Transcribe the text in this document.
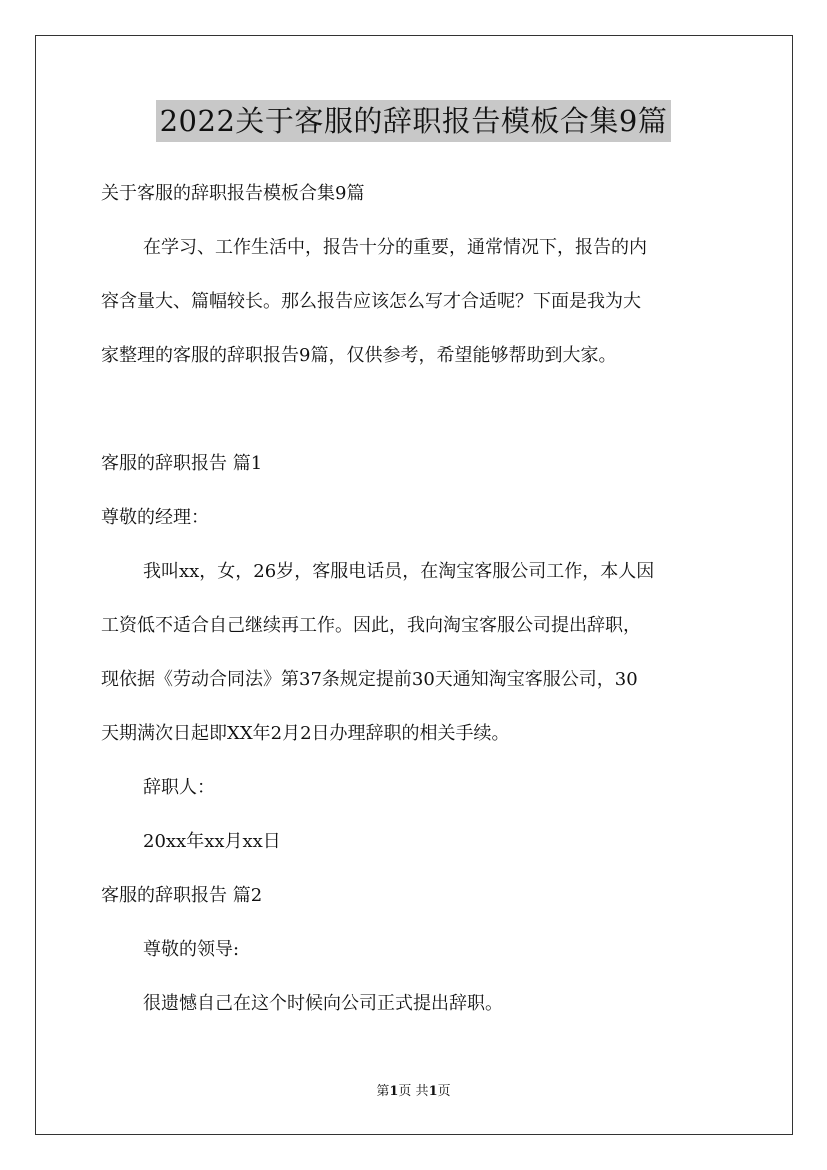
2022关于客服的辞职报告模板合集9篇

关于客服的辞职报告模板合集9篇

在学习、工作生活中，报告十分的重要，通常情况下，报告的内
容含量大、篇幅较长。那么报告应该怎么写才合适呢？下面是我为大
家整理的客服的辞职报告9篇，仅供参考，希望能够帮助到大家。

客服的辞职报告 篇1

尊敬的经理：

我叫xx，女，26岁，客服电话员，在淘宝客服公司工作，本人因
工资低不适合自己继续再工作。因此，我向淘宝客服公司提出辞职，
现依据《劳动合同法》第37条规定提前30天通知淘宝客服公司，30
天期满次日起即XX年2月2日办理辞职的相关手续。

辞职人：

20xx年xx月xx日

客服的辞职报告 篇2

尊敬的领导:

很遗憾自己在这个时候向公司正式提出辞职。

第1页 共1页
